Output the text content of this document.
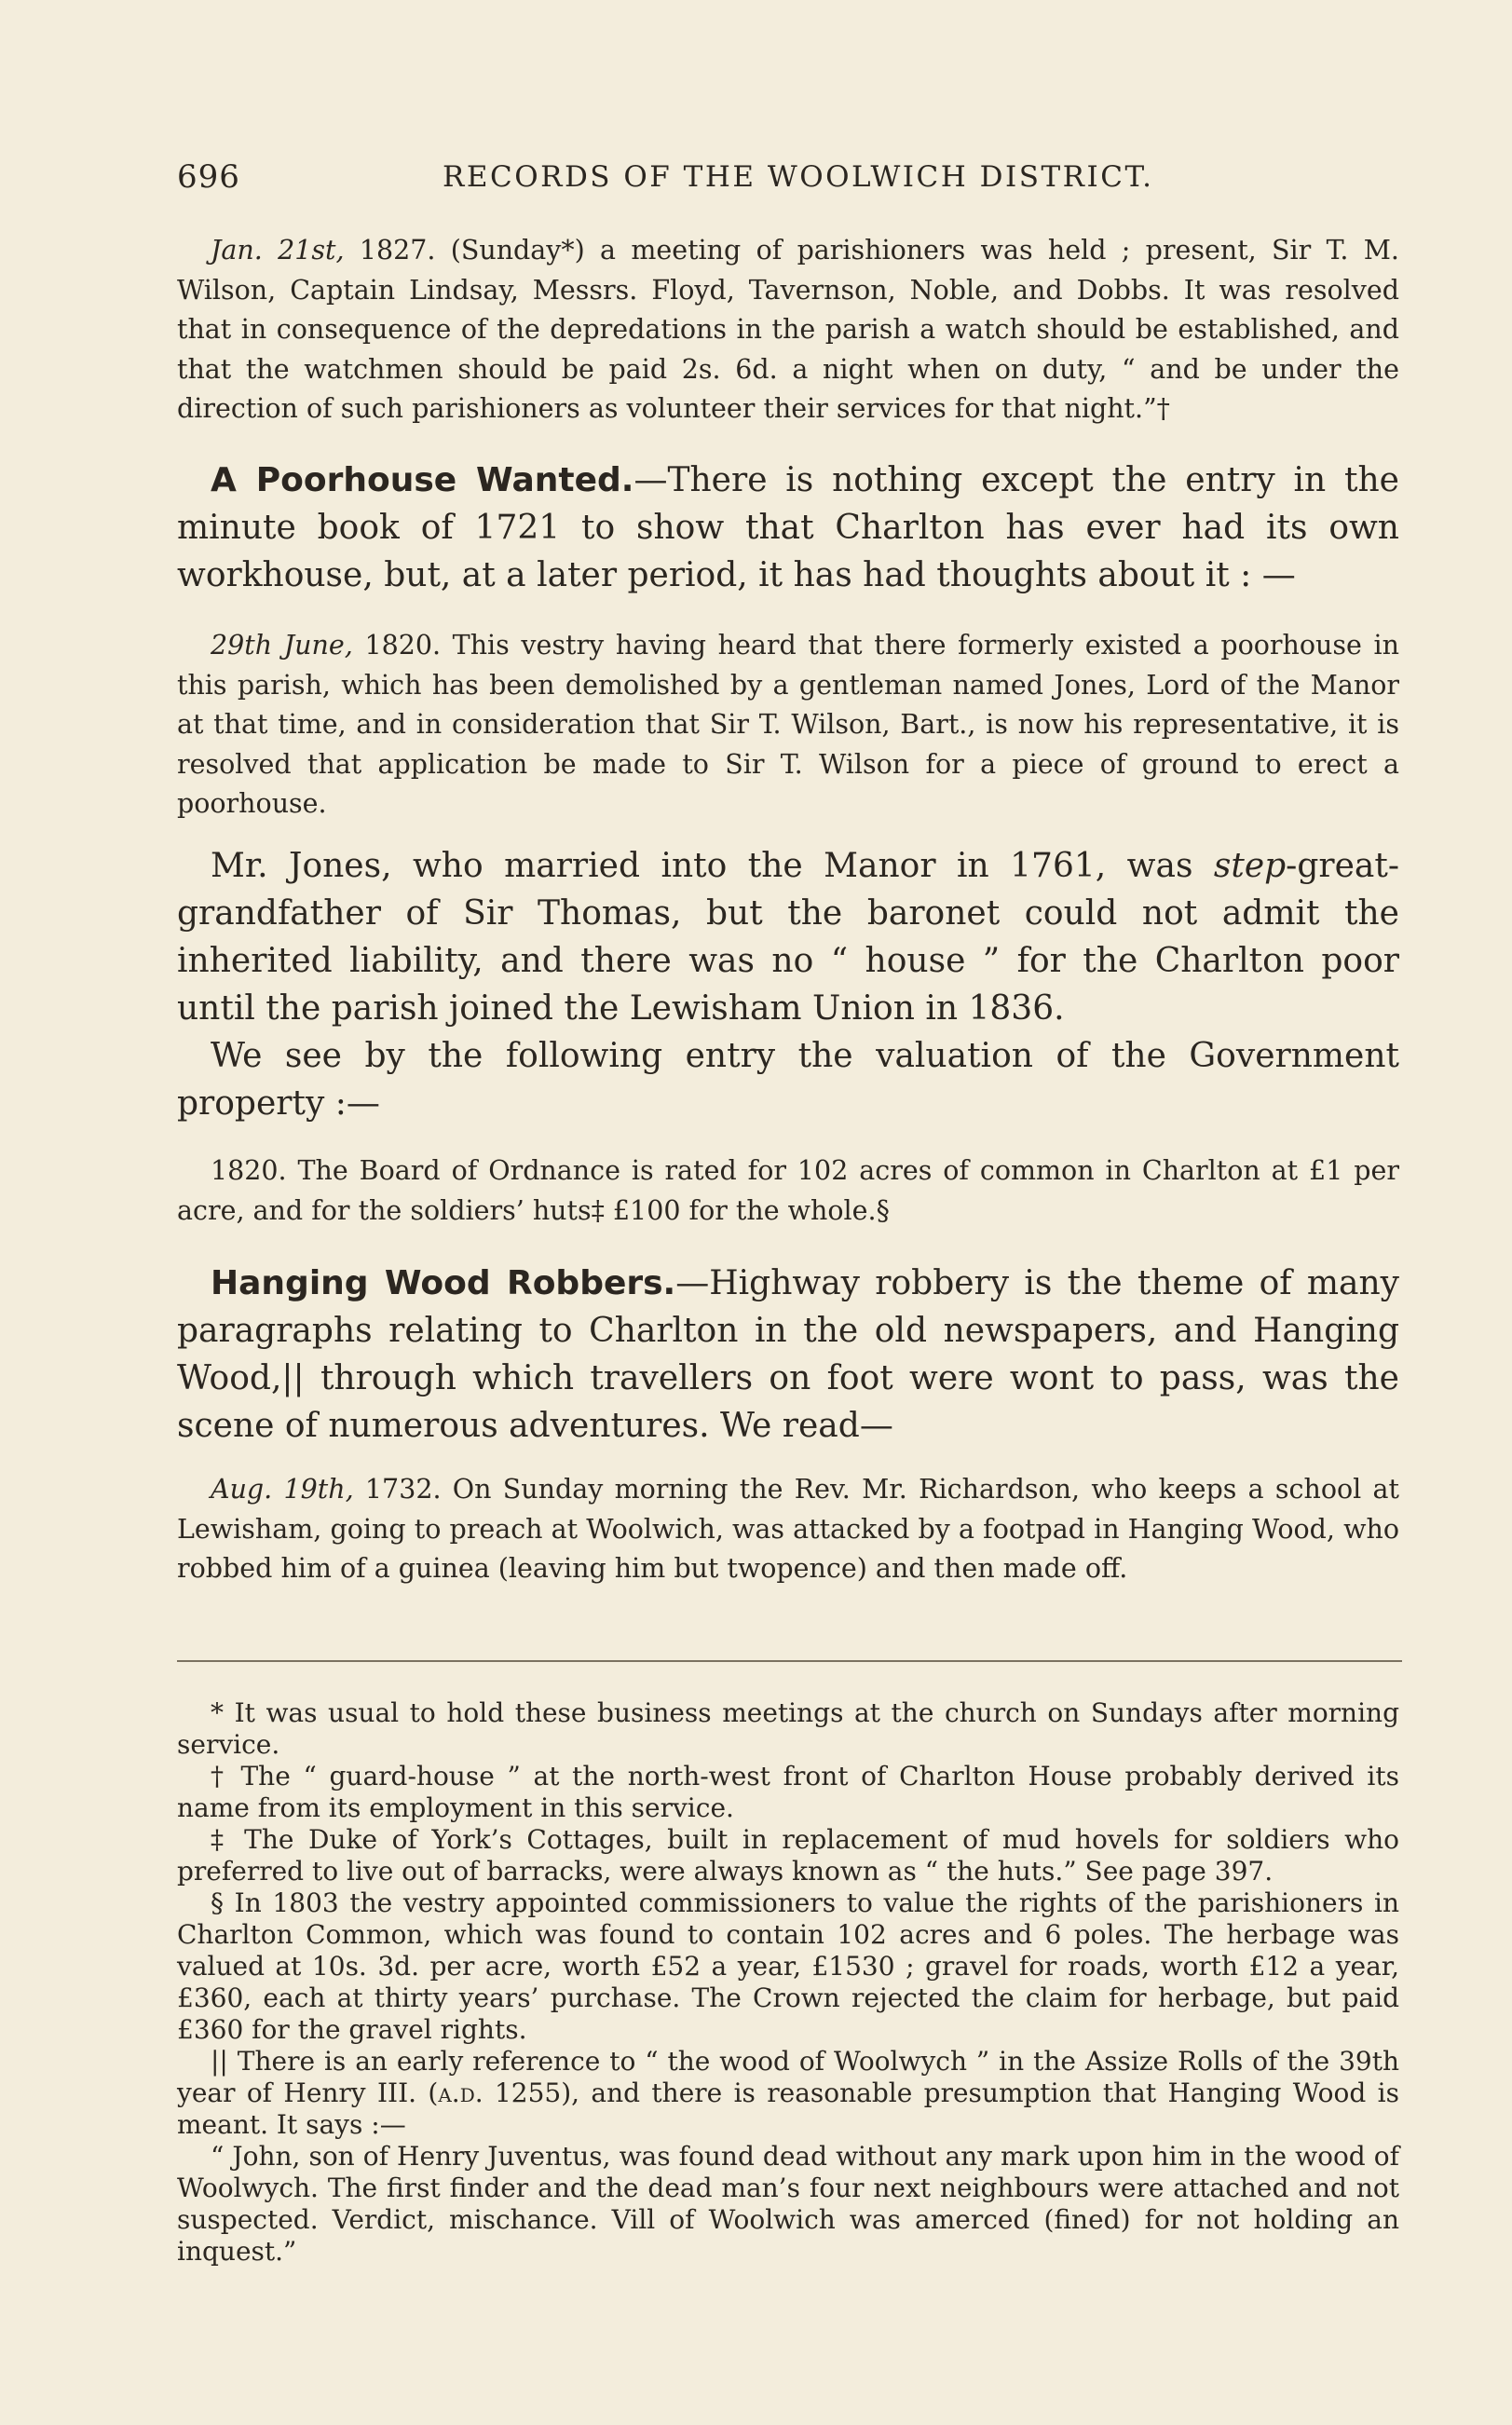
696	RECORDS OF THE WOOLWICH DISTRICT.

Jan. 21st, 1827. (Sunday*) a meeting of parishioners was held ; present, Sir T. M. Wilson, Captain Lindsay, Messrs. Floyd, Tavernson, Noble, and Dobbs. It was resolved that in consequence of the depredations in the parish a watch should be established, and that the watchmen should be paid 2s. 6d. a night when on duty, “ and be under the direction of such parishioners as volunteer their services for that night.”†

A Poorhouse Wanted.—There is nothing except the entry in the minute book of 1721 to show that Charlton has ever had its own workhouse, but, at a later period, it has had thoughts about it : —

29th June, 1820. This vestry having heard that there formerly existed a poorhouse in this parish, which has been demolished by a gentleman named Jones, Lord of the Manor at that time, and in consideration that Sir T. Wilson, Bart., is now his representative, it is resolved that application be made to Sir T. Wilson for a piece of ground to erect a poorhouse.

Mr. Jones, who married into the Manor in 1761, was step-great-grandfather of Sir Thomas, but the baronet could not admit the inherited liability, and there was no “ house ” for the Charlton poor until the parish joined the Lewisham Union in 1836.

We see by the following entry the valuation of the Government property :—

1820. The Board of Ordnance is rated for 102 acres of common in Charlton at £1 per acre, and for the soldiers’ huts‡ £100 for the whole.§

Hanging Wood Robbers.—Highway robbery is the theme of many paragraphs relating to Charlton in the old newspapers, and Hanging Wood,|| through which travellers on foot were wont to pass, was the scene of numerous adventures. We read—

Aug. 19th, 1732. On Sunday morning the Rev. Mr. Richardson, who keeps a school at Lewisham, going to preach at Woolwich, was attacked by a footpad in Hanging Wood, who robbed him of a guinea (leaving him but twopence) and then made off.

* It was usual to hold these business meetings at the church on Sundays after morning service.

† The “ guard-house ” at the north-west front of Charlton House probably derived its name from its employment in this service.

‡ The Duke of York’s Cottages, built in replacement of mud hovels for soldiers who preferred to live out of barracks, were always known as “ the huts.” See page 397.

§ In 1803 the vestry appointed commissioners to value the rights of the parishioners in Charlton Common, which was found to contain 102 acres and 6 poles. The herbage was valued at 10s. 3d. per acre, worth £52 a year, £1530 ; gravel for roads, worth £12 a year, £360, each at thirty years’ purchase. The Crown rejected the claim for herbage, but paid £360 for the gravel rights.

|| There is an early reference to “ the wood of Woolwych ” in the Assize Rolls of the 39th year of Henry III. (a.d. 1255), and there is reasonable presumption that Hanging Wood is meant. It says :—

“ John, son of Henry Juventus, was found dead without any mark upon him in the wood of Woolwych. The first finder and the dead man’s four next neighbours were attached and not suspected. Verdict, mischance. Vill of Woolwich was amerced (fined) for not holding an inquest.”
